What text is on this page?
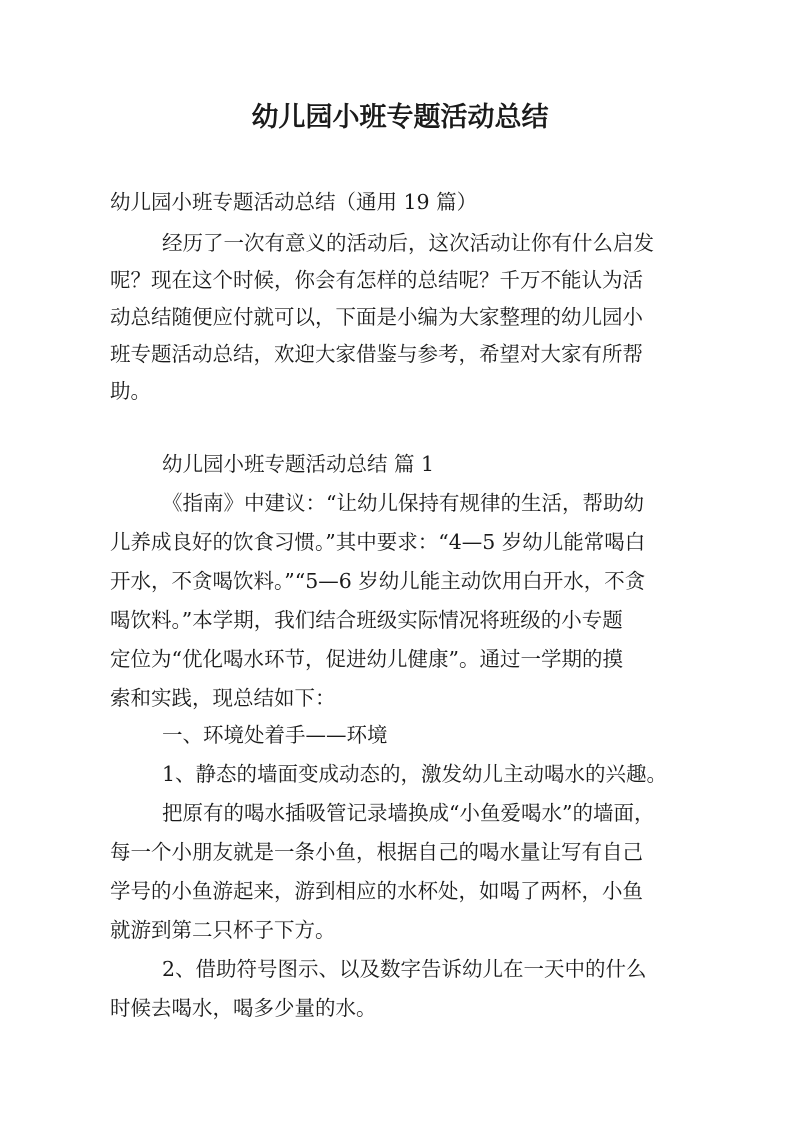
幼儿园小班专题活动总结

幼儿园小班专题活动总结（通用 19 篇）

经历了一次有意义的活动后，这次活动让你有什么启发

呢？现在这个时候，你会有怎样的总结呢？千万不能认为活

动总结随便应付就可以，下面是小编为大家整理的幼儿园小

班专题活动总结，欢迎大家借鉴与参考，希望对大家有所帮

助。

幼儿园小班专题活动总结 篇 1

《指南》中建议：“让幼儿保持有规律的生活，帮助幼

儿养成良好的饮食习惯。”其中要求：“4—5 岁幼儿能常喝白

开水，不贪喝饮料。”“5—6 岁幼儿能主动饮用白开水，不贪

喝饮料。”本学期，我们结合班级实际情况将班级的小专题

定位为“优化喝水环节，促进幼儿健康”。通过一学期的摸

索和实践，现总结如下：

一、环境处着手——环境

1、静态的墙面变成动态的，激发幼儿主动喝水的兴趣。

把原有的喝水插吸管记录墙换成“小鱼爱喝水”的墙面，

每一个小朋友就是一条小鱼，根据自己的喝水量让写有自己

学号的小鱼游起来，游到相应的水杯处，如喝了两杯，小鱼

就游到第二只杯子下方。

2、借助符号图示、以及数字告诉幼儿在一天中的什么

时候去喝水，喝多少量的水。
